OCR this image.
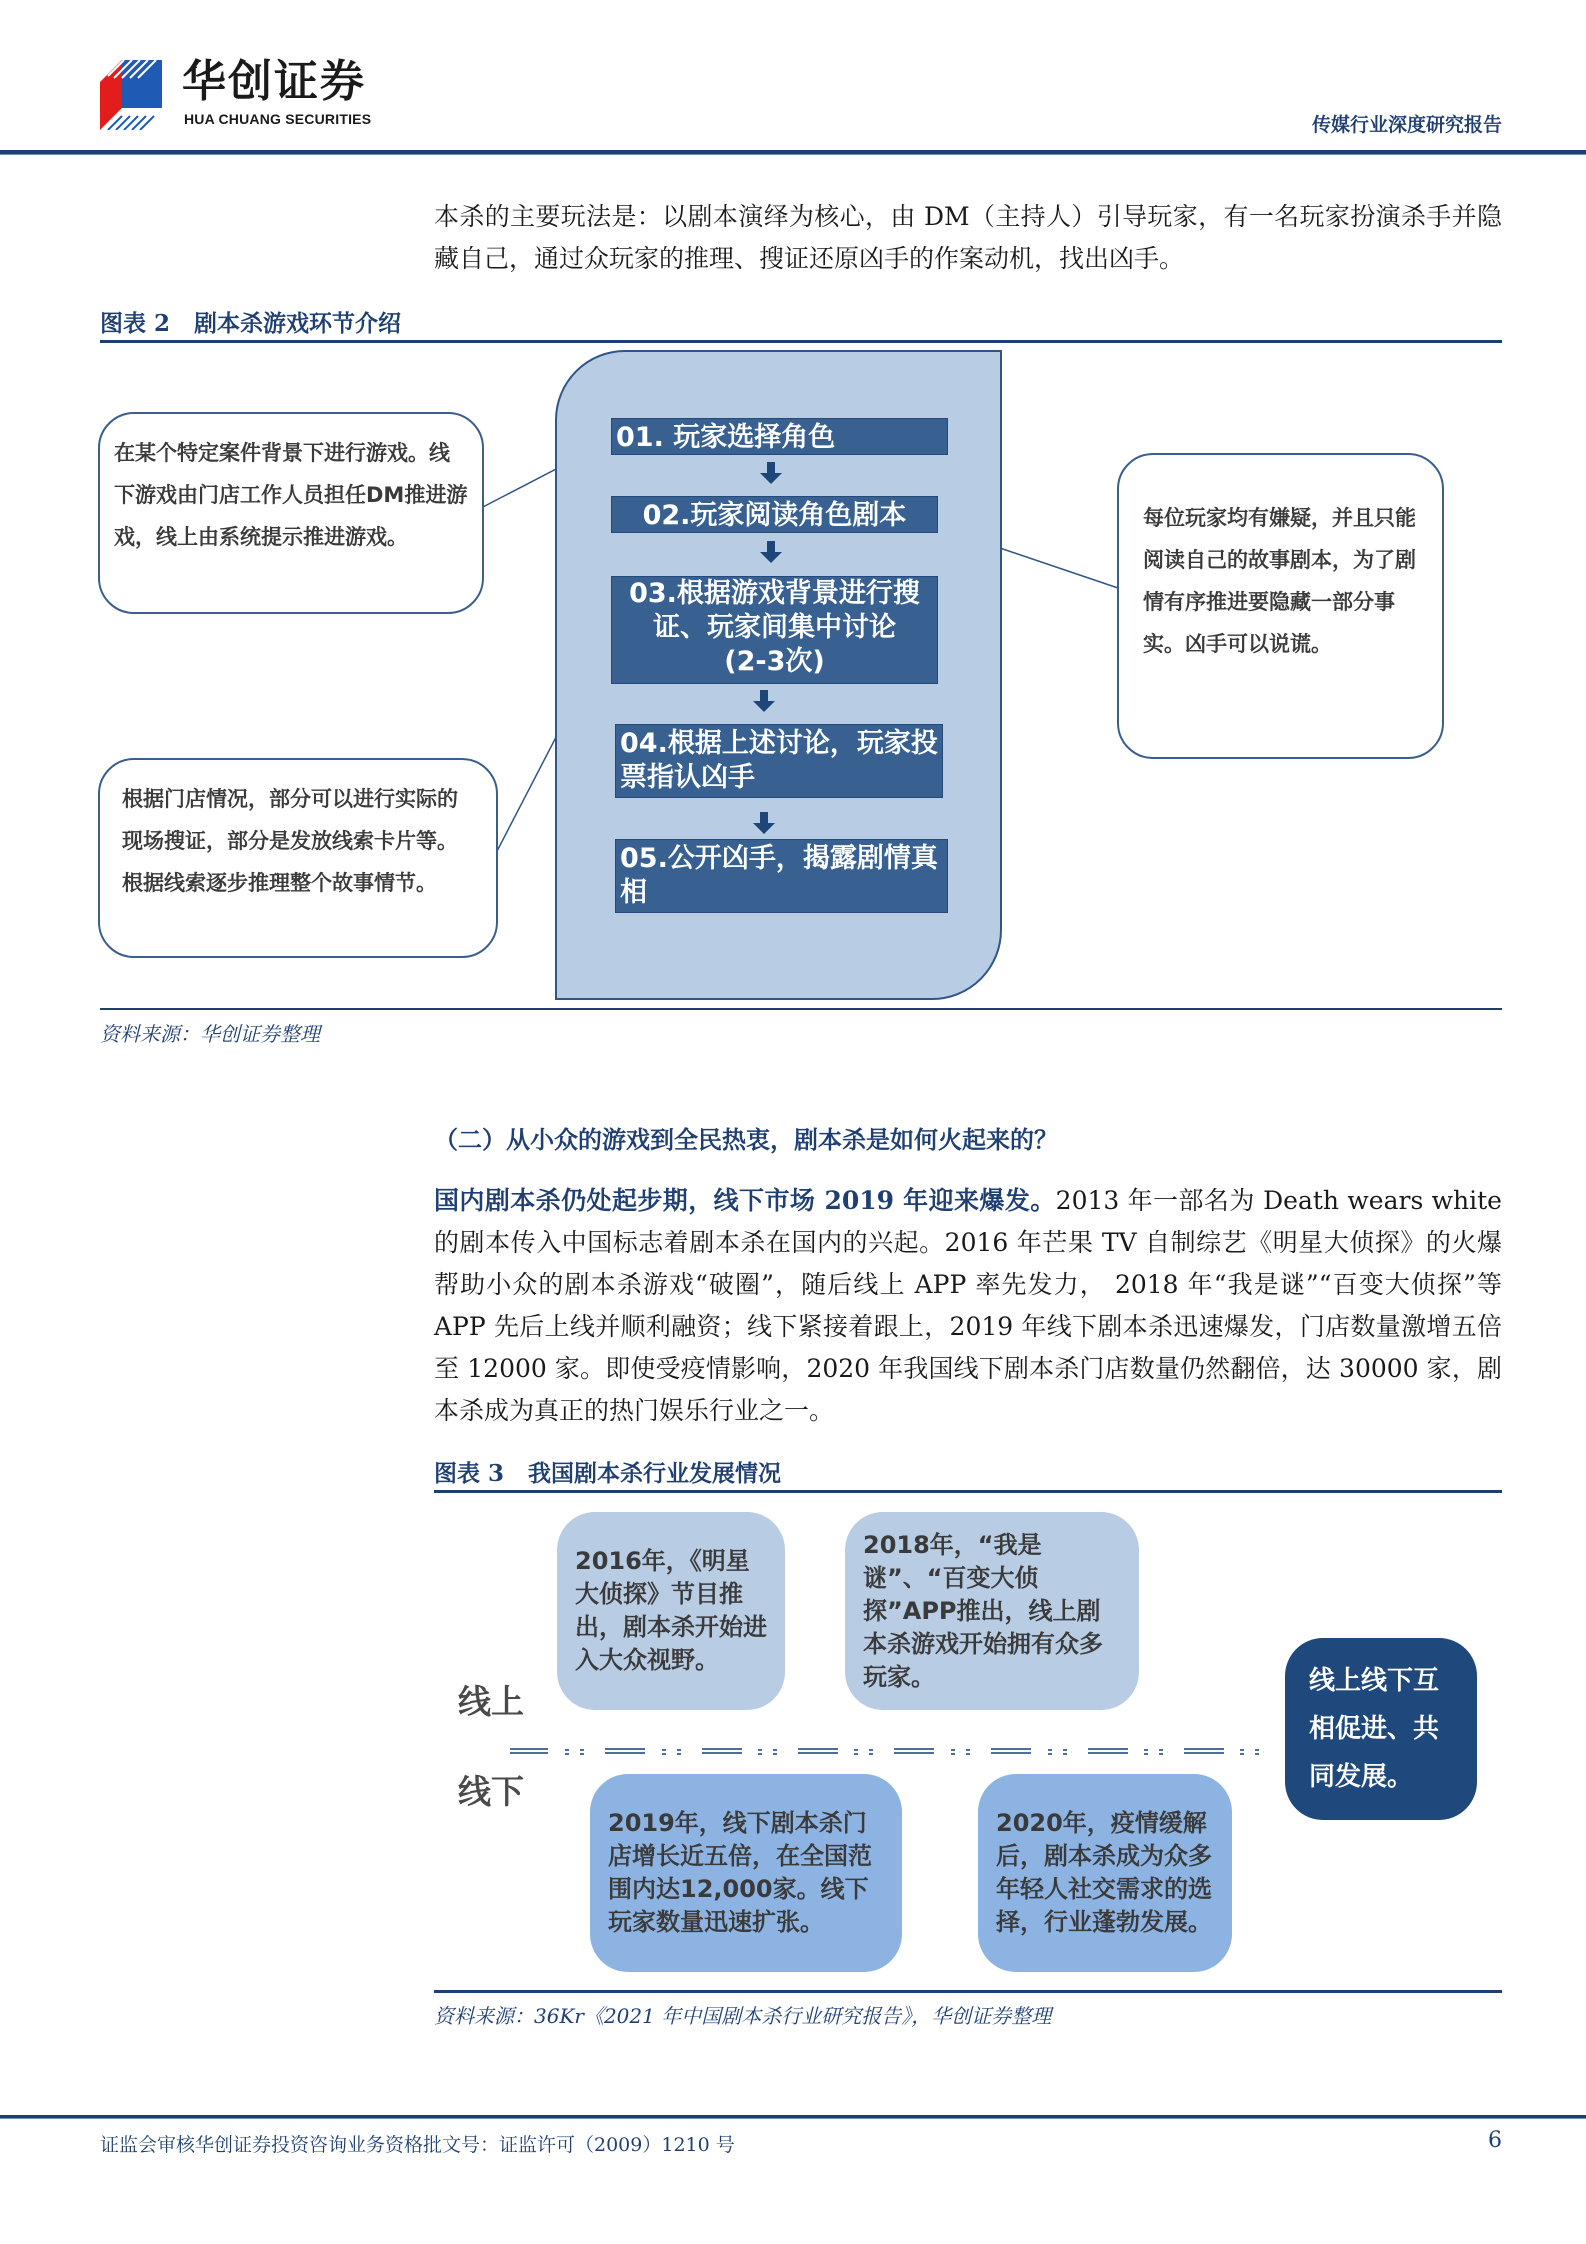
华创证券
HUA CHUANG SECURITIES	传媒行业深度研究报告
本杀的主要玩法是：以剧本演绎为核心，由 DM（主持人）引导玩家，有一名玩家扮演杀手并隐藏自己，通过众玩家的推理、搜证还原凶手的作案动机，找出凶手。
图表 2 剧本杀游戏环节介绍
在某个特定案件背景下进行游戏。线下游戏由门店工作人员担任DM推进游戏，线上由系统提示推进游戏。
根据门店情况，部分可以进行实际的现场搜证，部分是发放线索卡片等。根据线索逐步推理整个故事情节。
每位玩家均有嫌疑，并且只能阅读自己的故事剧本，为了剧情有序推进要隐藏一部分事实。凶手可以说谎。
01. 玩家选择角色
02.玩家阅读角色剧本
03.根据游戏背景进行搜
证、玩家间集中讨论
(2-3次)
04.根据上述讨论，玩家投票指认凶手
05.公开凶手，揭露剧情真相
资料来源：华创证券整理
（二）从小众的游戏到全民热衷，剧本杀是如何火起来的？
国内剧本杀仍处起步期，线下市场 2019 年迎来爆发。2013 年一部名为 Death wears white 的剧本传入中国标志着剧本杀在国内的兴起。2016 年芒果 TV 自制综艺《明星大侦探》的火爆帮助小众的剧本杀游戏“破圈”，随后线上 APP 率先发力， 2018 年“我是谜”“百变大侦探”等 APP 先后上线并顺利融资；线下紧接着跟上，2019 年线下剧本杀迅速爆发，门店数量激增五倍至 12000 家。即使受疫情影响，2020 年我国线下剧本杀门店数量仍然翻倍，达 30000 家，剧本杀成为真正的热门娱乐行业之一。
图表 3 我国剧本杀行业发展情况
线上
线下
2016年，《明星大侦探》节目推出，剧本杀开始进入大众视野。
2018年，“我是谜”、“百变大侦探”APP推出，线上剧本杀游戏开始拥有众多玩家。
2019年，线下剧本杀门店增长近五倍，在全国范围内达12,000家。线下玩家数量迅速扩张。
2020年，疫情缓解后，剧本杀成为众多年轻人社交需求的选择，行业蓬勃发展。
线上线下互相促进、共同发展。
资料来源：36Kr《2021 年中国剧本杀行业研究报告》，华创证券整理
证监会审核华创证券投资咨询业务资格批文号：证监许可（2009）1210 号	6
